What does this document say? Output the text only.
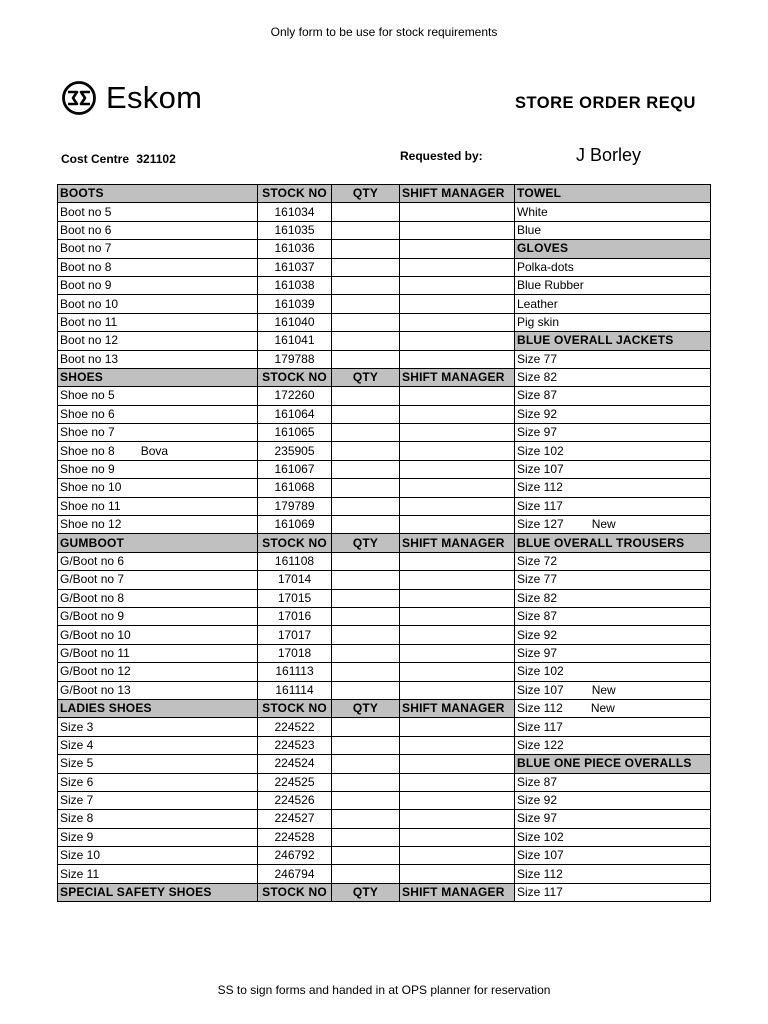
Only form to be use for stock requirements
Eskom	STORE ORDER REQU
Cost Centre 321102	Requested by:	J Borley
BOOTS	STOCK NO	QTY	SHIFT MANAGER	TOWEL
Boot no 5	161034			White
Boot no 6	161035			Blue
Boot no 7	161036			GLOVES
Boot no 8	161037			Polka-dots
Boot no 9	161038			Blue Rubber
Boot no 10	161039			Leather
Boot no 11	161040			Pig skin
Boot no 12	161041			BLUE OVERALL JACKETS
Boot no 13	179788			Size 77
SHOES	STOCK NO	QTY	SHIFT MANAGER	Size 82
Shoe no 5	172260			Size 87
Shoe no 6	161064			Size 92
Shoe no 7	161065			Size 97
Shoe no 8 Bova	235905			Size 102
Shoe no 9	161067			Size 107
Shoe no 10	161068			Size 112
Shoe no 11	179789			Size 117
Shoe no 12	161069			Size 127 New
GUMBOOT	STOCK NO	QTY	SHIFT MANAGER	BLUE OVERALL TROUSERS
G/Boot no 6	161108			Size 72
G/Boot no 7	17014			Size 77
G/Boot no 8	17015			Size 82
G/Boot no 9	17016			Size 87
G/Boot no 10	17017			Size 92
G/Boot no 11	17018			Size 97
G/Boot no 12	161113			Size 102
G/Boot no 13	161114			Size 107 New
LADIES SHOES	STOCK NO	QTY	SHIFT MANAGER	Size 112 New
Size 3	224522			Size 117
Size 4	224523			Size 122
Size 5	224524			BLUE ONE PIECE OVERALLS
Size 6	224525			Size 87
Size 7	224526			Size 92
Size 8	224527			Size 97
Size 9	224528			Size 102
Size 10	246792			Size 107
Size 11	246794			Size 112
SPECIAL SAFETY SHOES	STOCK NO	QTY	SHIFT MANAGER	Size 117
SS to sign forms and handed in at OPS planner for reservation
